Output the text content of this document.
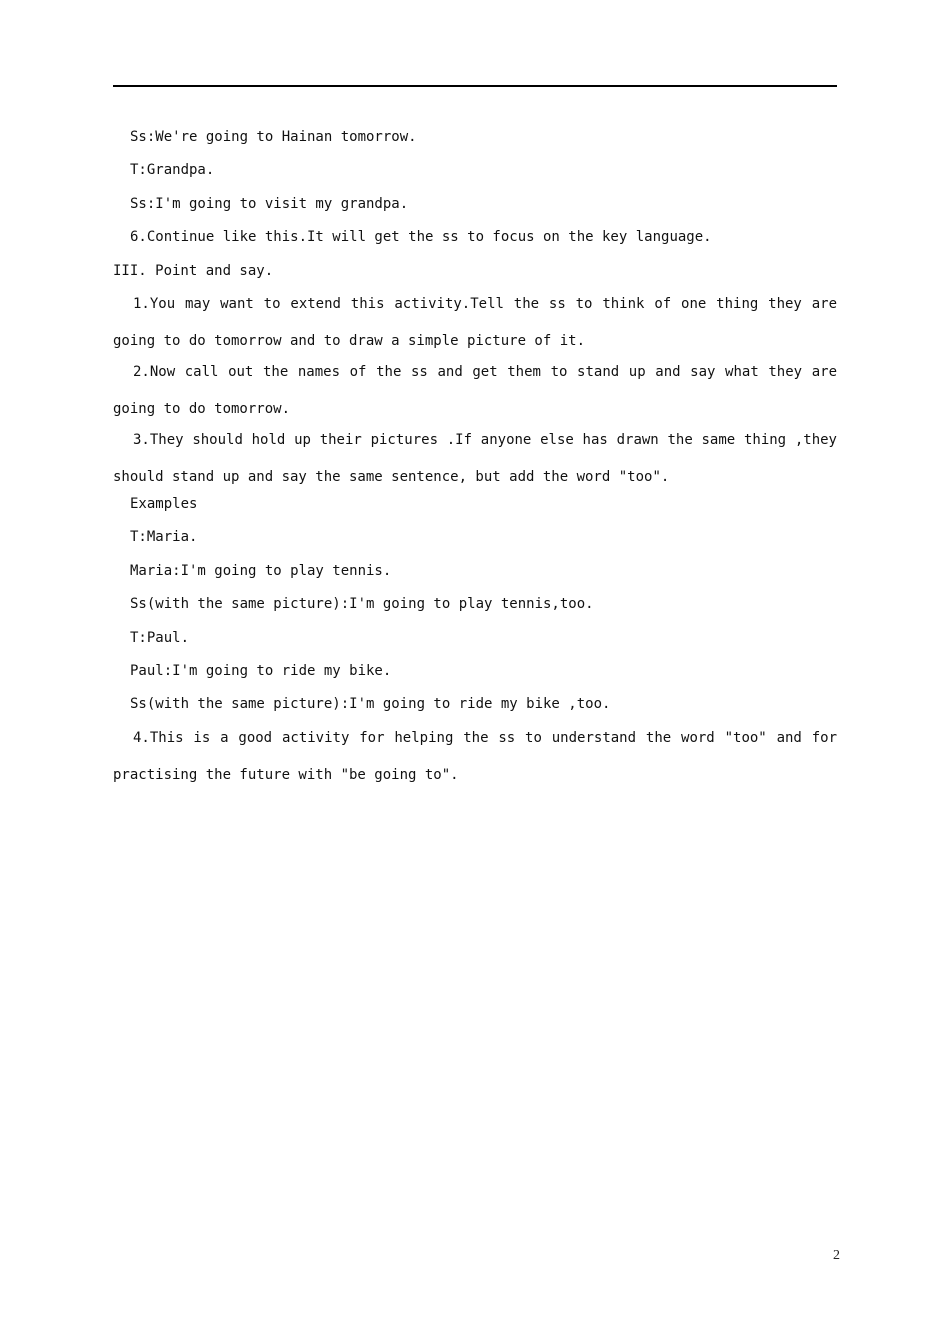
Ss:We're going to Hainan tomorrow.
T:Grandpa.
Ss:I'm going to visit my grandpa.
6.Continue like this.It will get the ss to focus on the key language.
III. Point and say.
1.You may want to extend this activity.Tell the ss to think of one thing they are going to do tomorrow and to draw a simple picture of it.
2.Now call out the names of the ss and get them to stand up and say what they are going to do tomorrow.
3.They should hold up their pictures .If anyone else has drawn the same thing ,they should stand up and say the same sentence, but add the word "too".
Examples
T:Maria.
Maria:I'm going to play tennis.
Ss(with the same picture):I'm going to play tennis,too.
T:Paul.
Paul:I'm going to ride my bike.
Ss(with the same picture):I'm going to ride my bike ,too.
4.This is a good activity for helping the ss to understand the word "too" and for practising the future with "be going to".
2
